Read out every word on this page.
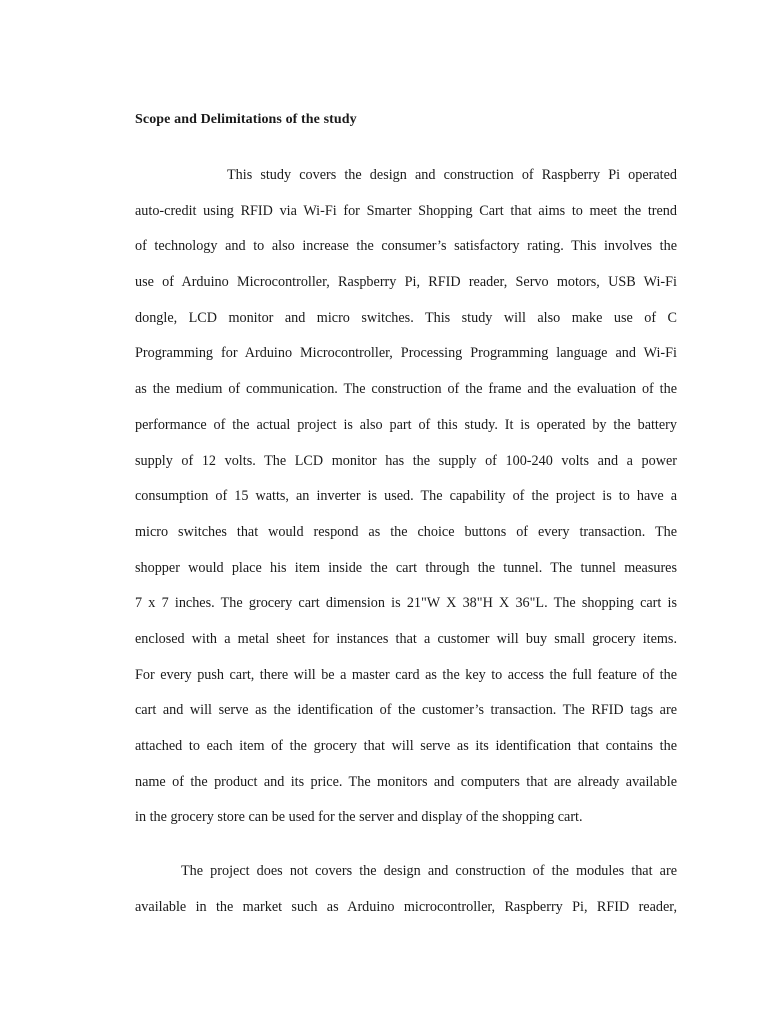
Scope and Delimitations of the study
This study covers the design and construction of Raspberry Pi operated
auto-credit using RFID via Wi-Fi for Smarter Shopping Cart that aims to meet the trend
of technology and to also increase the consumer’s satisfactory rating. This involves the
use of Arduino Microcontroller, Raspberry Pi, RFID reader, Servo motors, USB Wi-Fi
dongle, LCD monitor and micro switches. This study will also make use of C
Programming for Arduino Microcontroller, Processing Programming language and Wi-Fi
as the medium of communication. The construction of the frame and the evaluation of the
performance of the actual project is also part of this study. It is operated by the battery
supply of 12 volts. The LCD monitor has the supply of 100-240 volts and a power
consumption of 15 watts, an inverter is used. The capability of the project is to have a
micro switches that would respond as the choice buttons of every transaction. The
shopper would place his item inside the cart through the tunnel. The tunnel measures
7 x 7 inches. The grocery cart dimension is 21"W X 38"H X 36"L. The shopping cart is
enclosed with a metal sheet for instances that a customer will buy small grocery items.
For every push cart, there will be a master card as the key to access the full feature of the
cart and will serve as the identification of the customer’s transaction. The RFID tags are
attached to each item of the grocery that will serve as its identification that contains the
name of the product and its price. The monitors and computers that are already available
in the grocery store can be used for the server and display of the shopping cart.
The project does not covers the design and construction of the modules that are
available in the market such as Arduino microcontroller, Raspberry Pi, RFID reader,
